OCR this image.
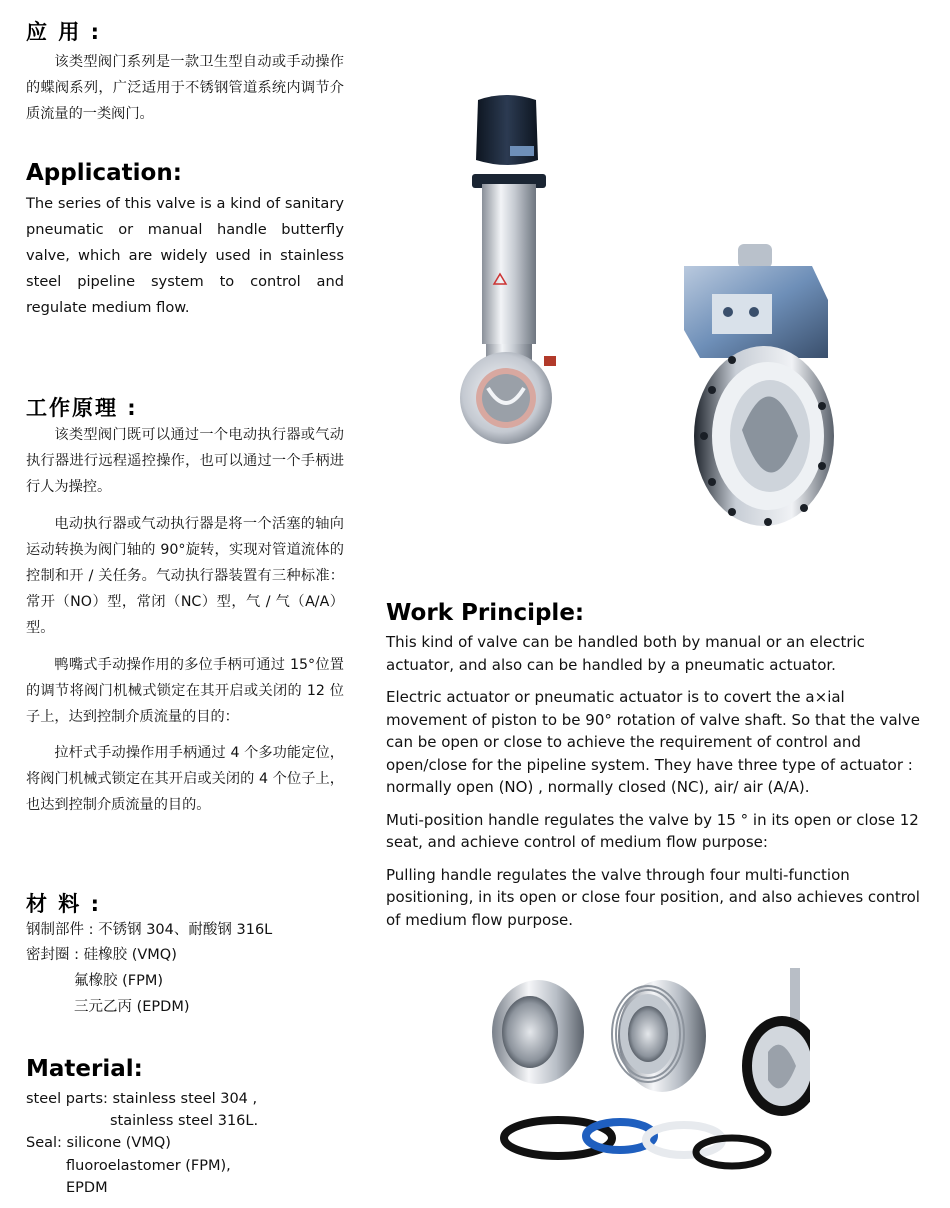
应 用 :

该类型阀门系列是一款卫生型自动或手动操作的蝶阀系列，广泛适用于不锈钢管道系统内调节介质流量的一类阀门。

Application:

The series of this valve is a kind of sanitary pneumatic or manual handle butterfly valve, which are widely used in stainless steel pipeline system to control and regulate medium flow.

工作原理 :

该类型阀门既可以通过一个电动执行器或气动执行器进行远程遥控操作，也可以通过一个手柄进行人为操控。

电动执行器或气动执行器是将一个活塞的轴向运动转换为阀门轴的 90°旋转，实现对管道流体的控制和开 / 关任务。气动执行器装置有三种标准：常开（NO）型，常闭（NC）型，气 / 气（A/A）型。

鸭嘴式手动操作用的多位手柄可通过 15°位置的调节将阀门机械式锁定在其开启或关闭的 12 位子上，达到控制介质流量的目的：

拉杆式手动操作用手柄通过 4 个多功能定位，将阀门机械式锁定在其开启或关闭的 4 个位子上，也达到控制介质流量的目的。

材 料 :
钢制部件 : 不锈钢 304、耐酸钢 316L
密封圈 : 硅橡胶 (VMQ)
氟橡胶 (FPM)
三元乙丙 (EPDM)
Material:
steel parts: stainless steel 304 ,
stainless steel 316L.
Seal: silicone (VMQ)
fluoroelastomer (FPM),
EPDM
Work Principle:

This kind of valve can be handled both by manual or an electric actuator, and also can be handled by a pneumatic actuator.

Electric actuator or pneumatic actuator is to covert the a×ial movement of piston to be 90° rotation of valve shaft. So that the valve can be open or close to achieve the requirement of control and open/close for the pipeline system. They have three type of actuator : normally open (NO) , normally closed (NC), air/ air (A/A).

Muti-position handle regulates the valve by 15 ° in its open or close 12 seat, and achieve control of medium flow purpose:

Pulling handle regulates the valve through four multi-function positioning, in its open or close four position, and also achieves control of medium flow purpose.
